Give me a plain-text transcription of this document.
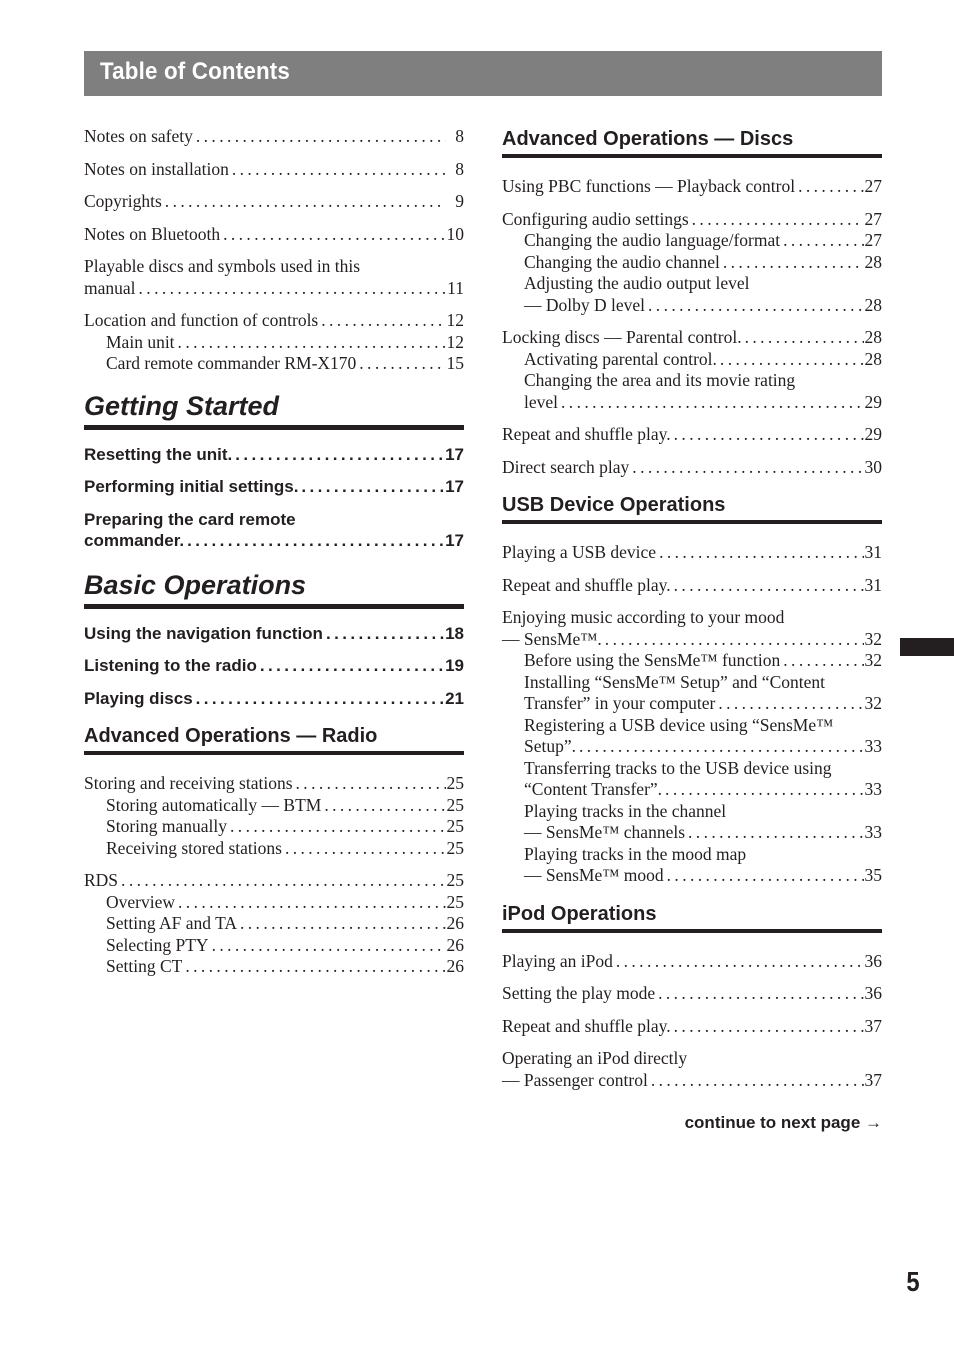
Table of Contents
Notes on safety .....	8
Notes on installation .....	8
Copyrights .....	9
Notes on Bluetooth .....	10
Playable discs and symbols used in this
manual .....	11
Location and function of controls .....	12
Main unit .....	12
Card remote commander RM-X170 .....	15
Getting Started
Resetting the unit. .....	17
Performing initial settings. .....	17
Preparing the card remote
commander. .....	17
Basic Operations
Using the navigation function .....	18
Listening to the radio .....	19
Playing discs .....	21
Advanced Operations — Radio
Storing and receiving stations .....	25
Storing automatically — BTM .....	25
Storing manually .....	25
Receiving stored stations .....	25
RDS .....	25
Overview .....	25
Setting AF and TA .....	26
Selecting PTY .....	26
Setting CT .....	26
Advanced Operations — Discs
Using PBC functions — Playback control .....	27
Configuring audio settings .....	27
Changing the audio language/format .....	27
Changing the audio channel .....	28
Adjusting the audio output level
— Dolby D level .....	28
Locking discs — Parental control. .....	28
Activating parental control. .....	28
Changing the area and its movie rating
level .....	29
Repeat and shuffle play. .....	29
Direct search play .....	30
USB Device Operations
Playing a USB device .....	31
Repeat and shuffle play. .....	31
Enjoying music according to your mood
— SensMe™. .....	32
Before using the SensMe™ function .....	32
Installing “SensMe™ Setup” and “Content
Transfer” in your computer .....	32
Registering a USB device using “SensMe™
Setup”. .....	33
Transferring tracks to the USB device using
“Content Transfer”. .....	33
Playing tracks in the channel
— SensMe™ channels .....	33
Playing tracks in the mood map
— SensMe™ mood .....	35
iPod Operations
Playing an iPod .....	36
Setting the play mode .....	36
Repeat and shuffle play. .....	37
Operating an iPod directly
— Passenger control .....	37
continue to next page →
5
